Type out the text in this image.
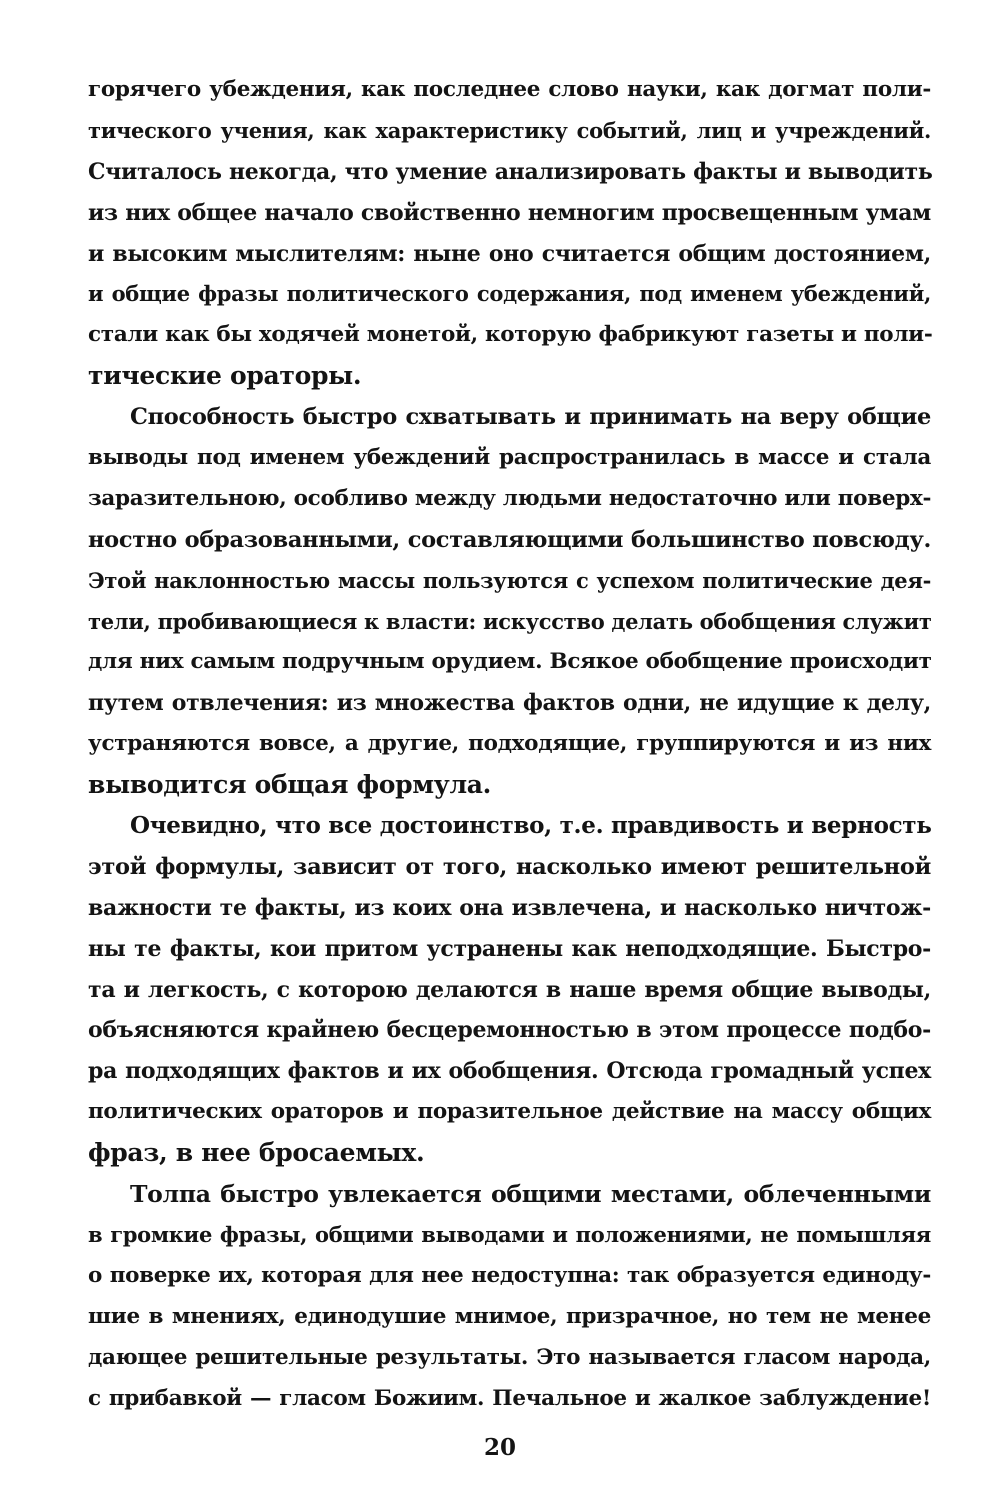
горячего убеждения, как последнее слово науки, как догмат поли-
тического учения, как характеристику событий, лиц и учреждений.
Считалось некогда, что умение анализировать факты и выводить
из них общее начало свойственно немногим просвещенным умам
и высоким мыслителям: ныне оно считается общим достоянием,
и общие фразы политического содержания, под именем убеждений,
стали как бы ходячей монетой, которую фабрикуют газеты и поли-
тические ораторы.
Способность быстро схватывать и принимать на веру общие
выводы под именем убеждений распространилась в массе и стала
заразительною, особливо между людьми недостаточно или поверх-
ностно образованными, составляющими большинство повсюду.
Этой наклонностью массы пользуются с успехом политические дея-
тели, пробивающиеся к власти: искусство делать обобщения служит
для них самым подручным орудием. Всякое обобщение происходит
путем отвлечения: из множества фактов одни, не идущие к делу,
устраняются вовсе, а другие, подходящие, группируются и из них
выводится общая формула.
Очевидно, что все достоинство, т.е. правдивость и верность
этой формулы, зависит от того, насколько имеют решительной
важности те факты, из коих она извлечена, и насколько ничтож-
ны те факты, кои притом устранены как неподходящие. Быстро-
та и легкость, с которою делаются в наше время общие выводы,
объясняются крайнею бесцеремонностью в этом процессе подбо-
ра подходящих фактов и их обобщения. Отсюда громадный успех
политических ораторов и поразительное действие на массу общих
фраз, в нее бросаемых.
Толпа быстро увлекается общими местами, облеченными
в громкие фразы, общими выводами и положениями, не помышляя
о поверке их, которая для нее недоступна: так образуется единоду-
шие в мнениях, единодушие мнимое, призрачное, но тем не менее
дающее решительные результаты. Это называется гласом народа,
с прибавкой — гласом Божиим. Печальное и жалкое заблуждение!
20
